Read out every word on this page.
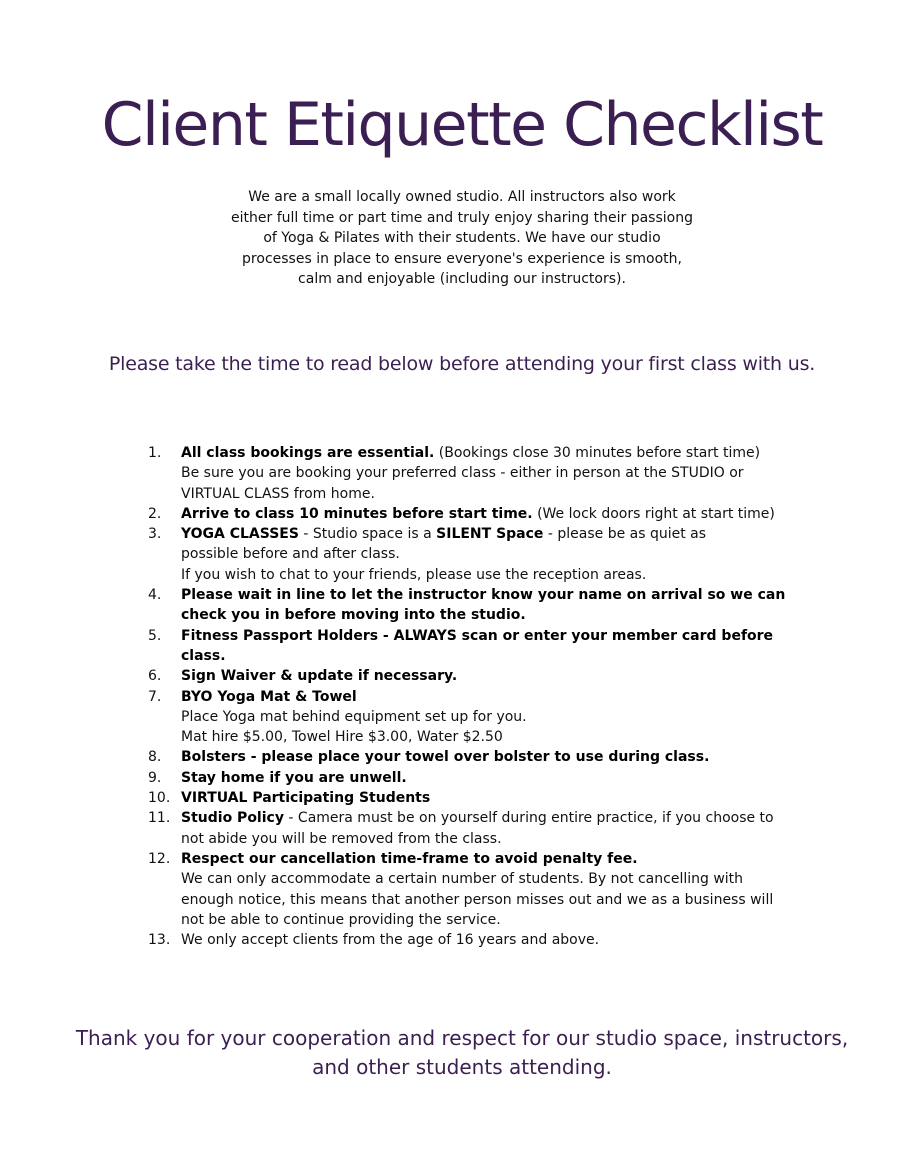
Client Etiquette Checklist

We are a small locally owned studio. All instructors also work
either full time or part time and truly enjoy sharing their passiong
of Yoga & Pilates with their students. We have our studio
processes in place to ensure everyone's experience is smooth,
calm and enjoyable (including our instructors).

Please take the time to read below before attending your first class with us.

1. All class bookings are essential. (Bookings close 30 minutes before start time)
Be sure you are booking your preferred class - either in person at the STUDIO or
VIRTUAL CLASS from home.
2. Arrive to class 10 minutes before start time. (We lock doors right at start time)
3. YOGA CLASSES - Studio space is a SILENT Space - please be as quiet as
possible before and after class.
If you wish to chat to your friends, please use the reception areas.
4. Please wait in line to let the instructor know your name on arrival so we can
check you in before moving into the studio.
5. Fitness Passport Holders - ALWAYS scan or enter your member card before
class.
6. Sign Waiver & update if necessary.
7. BYO Yoga Mat & Towel
Place Yoga mat behind equipment set up for you.
Mat hire $5.00, Towel Hire $3.00, Water $2.50
8. Bolsters - please place your towel over bolster to use during class.
9. Stay home if you are unwell.
10. VIRTUAL Participating Students
11. Studio Policy - Camera must be on yourself during entire practice, if you choose to
not abide you will be removed from the class.
12. Respect our cancellation time-frame to avoid penalty fee.
We can only accommodate a certain number of students. By not cancelling with
enough notice, this means that another person misses out and we as a business will
not be able to continue providing the service.
13. We only accept clients from the age of 16 years and above.

Thank you for your cooperation and respect for our studio space, instructors,
and other students attending.
